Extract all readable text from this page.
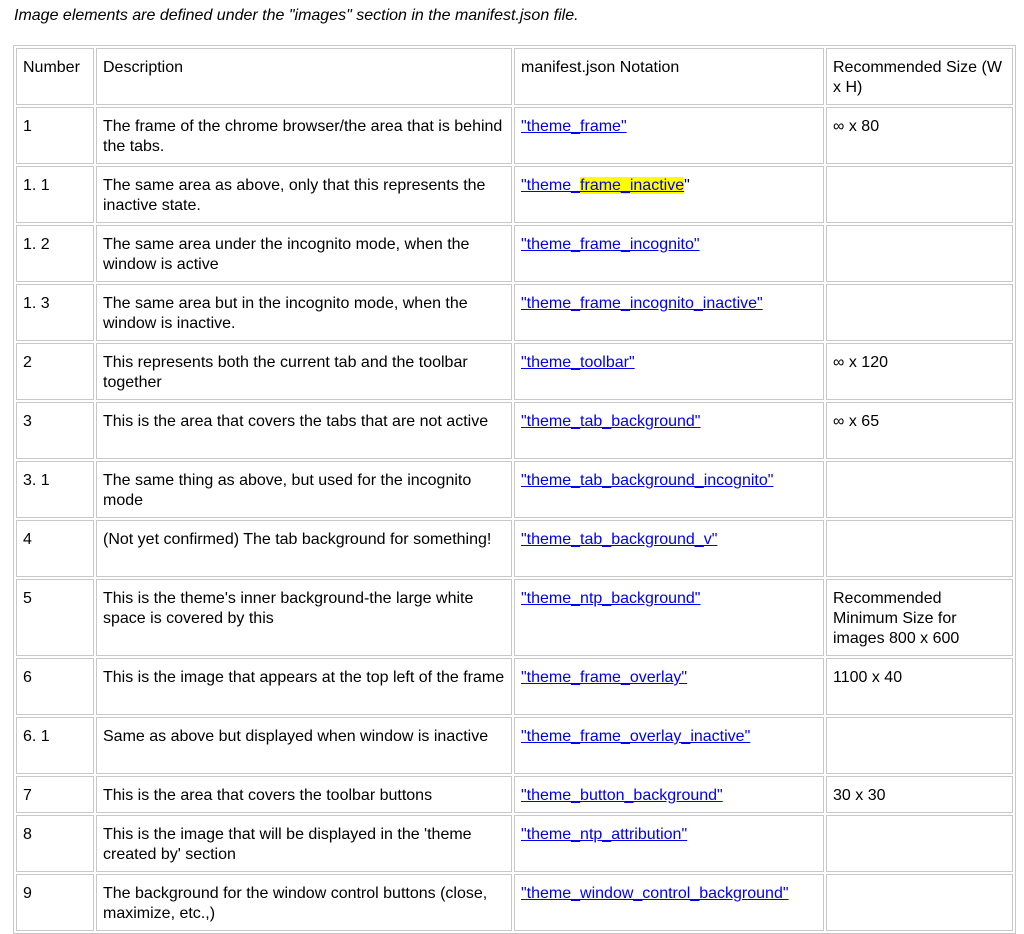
Image elements are defined under the "images" section in the manifest.json file.
Number	Description	manifest.json Notation	Recommended Size (W x H)
1	The frame of the chrome browser/the area that is behind the tabs.	"theme_frame"	∞ x 80
1. 1	The same area as above, only that this represents the inactive state.	"theme_frame_inactive"	
1. 2	The same area under the incognito mode, when the window is active	"theme_frame_incognito"	
1. 3	The same area but in the incognito mode, when the window is inactive.	"theme_frame_incognito_inactive"	
2	This represents both the current tab and the toolbar together	"theme_toolbar"	∞ x 120
3	This is the area that covers the tabs that are not active	"theme_tab_background"	∞ x 65
3. 1	The same thing as above, but used for the incognito mode	"theme_tab_background_incognito"	
4	(Not yet confirmed) The tab background for something!	"theme_tab_background_v"	
5	This is the theme's inner background-the large white space is covered by this	"theme_ntp_background"	Recommended Minimum Size for images 800 x 600
6	This is the image that appears at the top left of the frame	"theme_frame_overlay"	1100 x 40
6. 1	Same as above but displayed when window is inactive	"theme_frame_overlay_inactive"	
7	This is the area that covers the toolbar buttons	"theme_button_background"	30 x 30
8	This is the image that will be displayed in the 'theme created by' section	"theme_ntp_attribution"	
9	The background for the window control buttons (close, maximize, etc.,)	"theme_window_control_background"	
